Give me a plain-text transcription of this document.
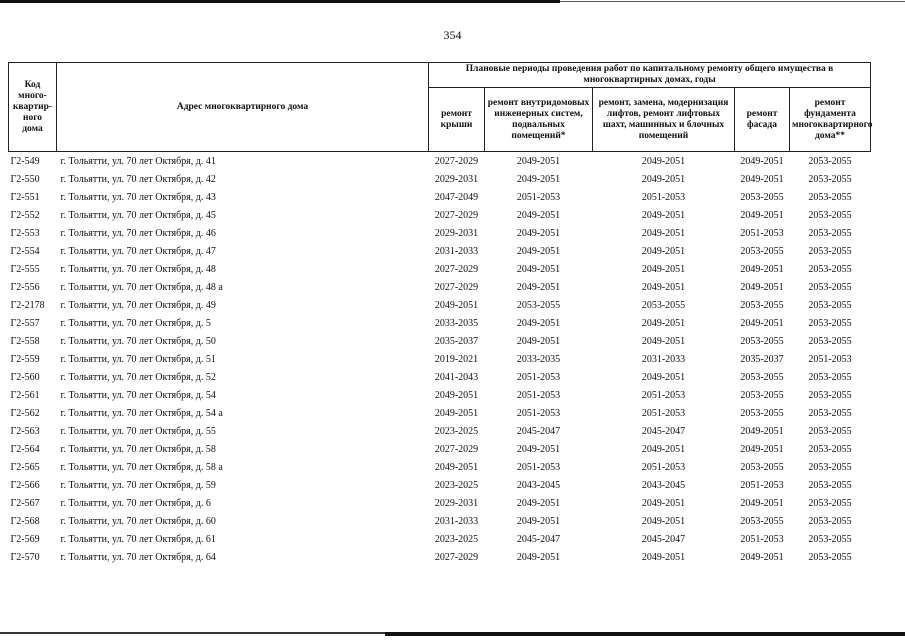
354
Код
много-
квартир-
ного
дома	Адрес многоквартирного дома	Плановые периоды проведения работ по капитальному ремонту общего имущества в многоквартирных домах, годы				
		ремонт крыши	ремонт внутридомовых инженерных систем, подвальных помещений*	ремонт, замена, модернизация лифтов, ремонт лифтовых шахт, машинных и блочных помещений	ремонт фасада	ремонт фундамента многоквартирного дома**
Г2-549	г. Тольятти, ул. 70 лет Октября, д. 41	2027-2029	2049-2051	2049-2051	2049-2051	2053-2055
Г2-550	г. Тольятти, ул. 70 лет Октября, д. 42	2029-2031	2049-2051	2049-2051	2049-2051	2053-2055
Г2-551	г. Тольятти, ул. 70 лет Октября, д. 43	2047-2049	2051-2053	2051-2053	2053-2055	2053-2055
Г2-552	г. Тольятти, ул. 70 лет Октября, д. 45	2027-2029	2049-2051	2049-2051	2049-2051	2053-2055
Г2-553	г. Тольятти, ул. 70 лет Октября, д. 46	2029-2031	2049-2051	2049-2051	2051-2053	2053-2055
Г2-554	г. Тольятти, ул. 70 лет Октября, д. 47	2031-2033	2049-2051	2049-2051	2053-2055	2053-2055
Г2-555	г. Тольятти, ул. 70 лет Октября, д. 48	2027-2029	2049-2051	2049-2051	2049-2051	2053-2055
Г2-556	г. Тольятти, ул. 70 лет Октября, д. 48 а	2027-2029	2049-2051	2049-2051	2049-2051	2053-2055
Г2-2178	г. Тольятти, ул. 70 лет Октября, д. 49	2049-2051	2053-2055	2053-2055	2053-2055	2053-2055
Г2-557	г. Тольятти, ул. 70 лет Октября, д. 5	2033-2035	2049-2051	2049-2051	2049-2051	2053-2055
Г2-558	г. Тольятти, ул. 70 лет Октября, д. 50	2035-2037	2049-2051	2049-2051	2053-2055	2053-2055
Г2-559	г. Тольятти, ул. 70 лет Октября, д. 51	2019-2021	2033-2035	2031-2033	2035-2037	2051-2053
Г2-560	г. Тольятти, ул. 70 лет Октября, д. 52	2041-2043	2051-2053	2049-2051	2053-2055	2053-2055
Г2-561	г. Тольятти, ул. 70 лет Октября, д. 54	2049-2051	2051-2053	2051-2053	2053-2055	2053-2055
Г2-562	г. Тольятти, ул. 70 лет Октября, д. 54 а	2049-2051	2051-2053	2051-2053	2053-2055	2053-2055
Г2-563	г. Тольятти, ул. 70 лет Октября, д. 55	2023-2025	2045-2047	2045-2047	2049-2051	2053-2055
Г2-564	г. Тольятти, ул. 70 лет Октября, д. 58	2027-2029	2049-2051	2049-2051	2049-2051	2053-2055
Г2-565	г. Тольятти, ул. 70 лет Октября, д. 58 а	2049-2051	2051-2053	2051-2053	2053-2055	2053-2055
Г2-566	г. Тольятти, ул. 70 лет Октября, д. 59	2023-2025	2043-2045	2043-2045	2051-2053	2053-2055
Г2-567	г. Тольятти, ул. 70 лет Октября, д. 6	2029-2031	2049-2051	2049-2051	2049-2051	2053-2055
Г2-568	г. Тольятти, ул. 70 лет Октября, д. 60	2031-2033	2049-2051	2049-2051	2053-2055	2053-2055
Г2-569	г. Тольятти, ул. 70 лет Октября, д. 61	2023-2025	2045-2047	2045-2047	2051-2053	2053-2055
Г2-570	г. Тольятти, ул. 70 лет Октября, д. 64	2027-2029	2049-2051	2049-2051	2049-2051	2053-2055
